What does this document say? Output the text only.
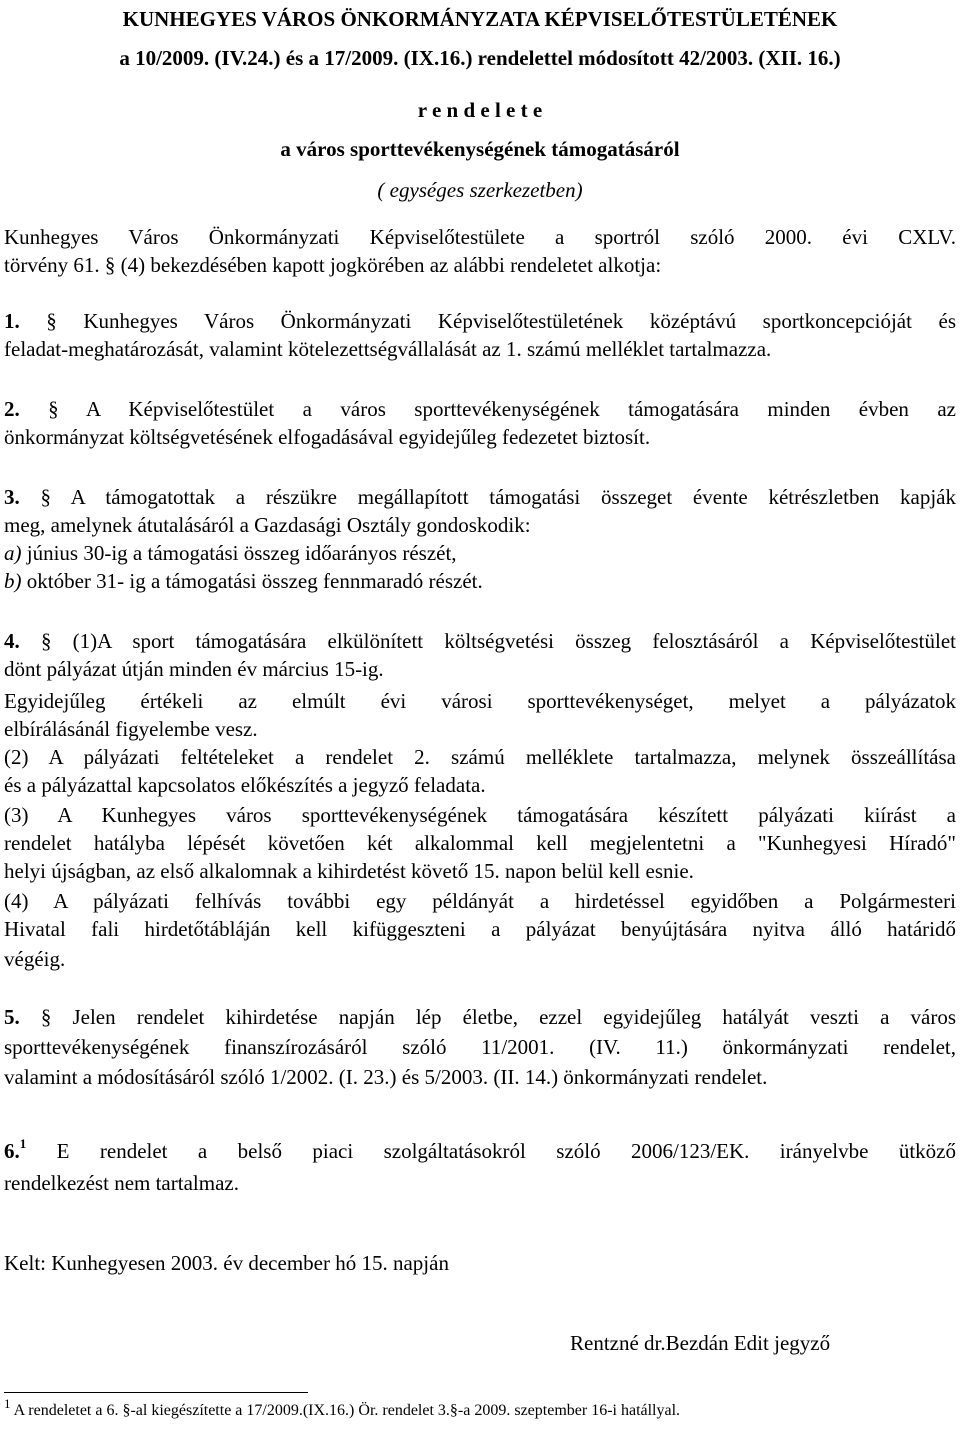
KUNHEGYES VÁROS ÖNKORMÁNYZATA KÉPVISELŐTESTÜLETÉNEK
a 10/2009. (IV.24.) és a 17/2009. (IX.16.) rendelettel módosított 42/2003. (XII. 16.)
r e n d e l e t e
a város sporttevékenységének támogatásáról
( egységes szerkezetben)
Kunhegyes Város Önkormányzati Képviselőtestülete a sportról szóló 2000. évi CXLV.
törvény 61. § (4) bekezdésében kapott jogkörében az alábbi rendeletet alkotja:
1. § Kunhegyes Város Önkormányzati Képviselőtestületének középtávú sportkoncepcióját és
feladat-meghatározását, valamint kötelezettségvállalását az 1. számú melléklet tartalmazza.
2. § A Képviselőtestület a város sporttevékenységének támogatására minden évben az
önkormányzat költségvetésének elfogadásával egyidejűleg fedezetet biztosít.
3. § A támogatottak a részükre megállapított támogatási összeget évente kétrészletben kapják
meg, amelynek átutalásáról a Gazdasági Osztály gondoskodik:
a) június 30-ig a támogatási összeg időarányos részét,
b) október 31- ig a támogatási összeg fennmaradó részét.
4. § (1)A sport támogatására elkülönített költségvetési összeg felosztásáról a Képviselőtestület
dönt pályázat útján minden év március 15-ig.
Egyidejűleg értékeli az elmúlt évi városi sporttevékenységet, melyet a pályázatok
elbírálásánál figyelembe vesz.
(2) A pályázati feltételeket a rendelet 2. számú melléklete tartalmazza, melynek összeállítása
és a pályázattal kapcsolatos előkészítés a jegyző feladata.
(3) A Kunhegyes város sporttevékenységének támogatására készített pályázati kiírást a
rendelet hatályba lépését követően két alkalommal kell megjelentetni a "Kunhegyesi Híradó"
helyi újságban, az első alkalomnak a kihirdetést követő 15. napon belül kell esnie.
(4) A pályázati felhívás további egy példányát a hirdetéssel egyidőben a Polgármesteri
Hivatal fali hirdetőtábláján kell kifüggeszteni a pályázat benyújtására nyitva álló határidő
végéig.
5. § Jelen rendelet kihirdetése napján lép életbe, ezzel egyidejűleg hatályát veszti a város
sporttevékenységének finanszírozásáról szóló 11/2001. (IV. 11.) önkormányzati rendelet,
valamint a módosításáról szóló 1/2002. (I. 23.) és 5/2003. (II. 14.) önkormányzati rendelet.
6.$^1$ E rendelet a belső piaci szolgáltatásokról szóló 2006/123/EK. irányelvbe ütköző
rendelkezést nem tartalmaz.
Kelt: Kunhegyesen 2003. év december hó 15. napján
Rentzné dr.Bezdán Edit jegyző
$^1$ A rendeletet a 6. §-al kiegészítette a 17/2009.(IX.16.) Ör. rendelet 3.§-a 2009. szeptember 16-i hatállyal.
